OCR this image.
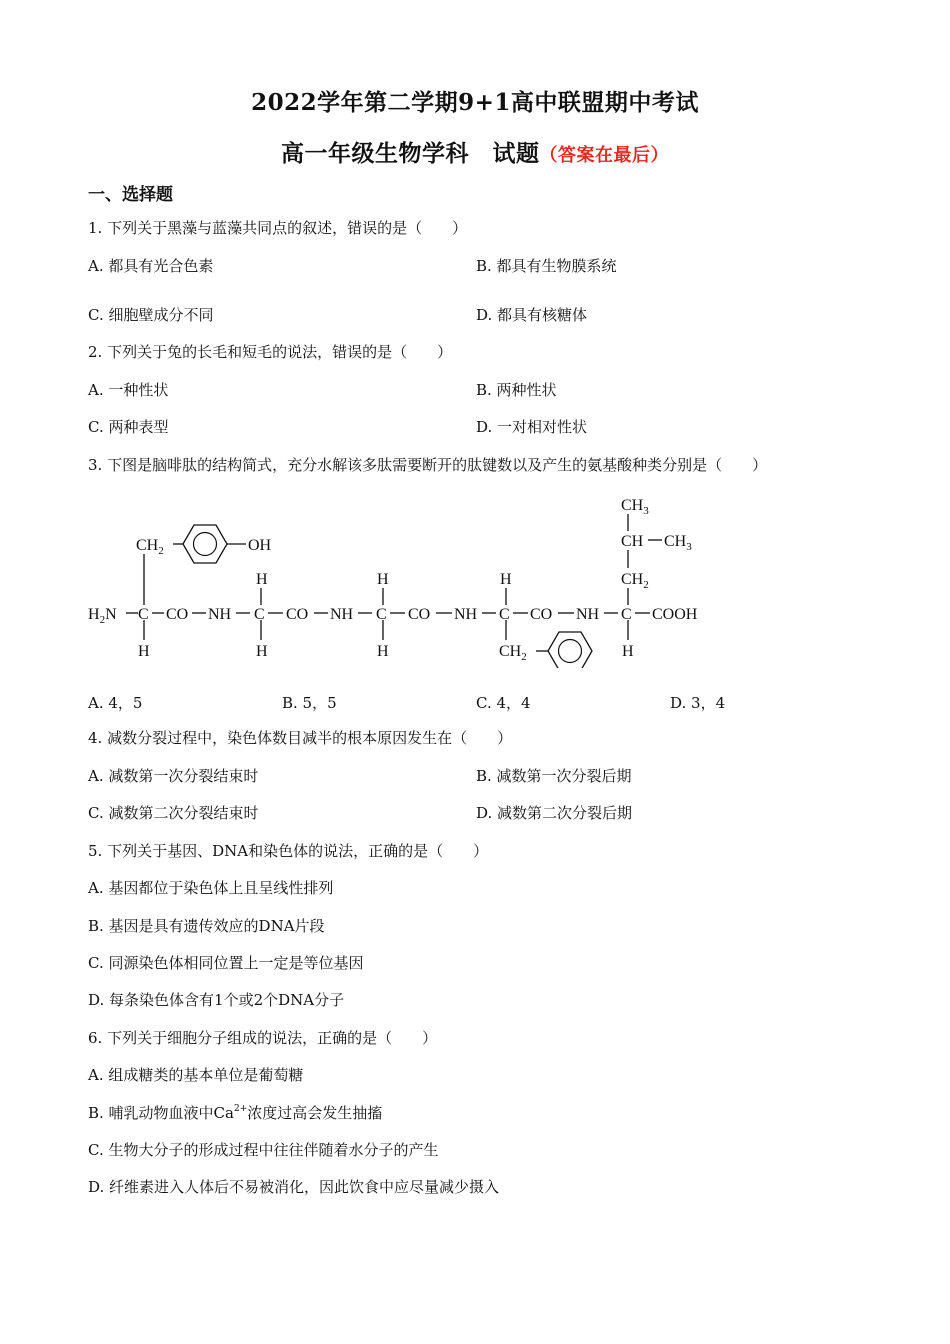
2022学年第二学期9+1高中联盟期中考试
高一年级生物学科　试题（答案在最后）
一、选择题
1. 下列关于黑藻与蓝藻共同点的叙述，错误的是（　　）
A. 都具有光合色素	B. 都具有生物膜系统
C. 细胞壁成分不同	D. 都具有核糖体
2. 下列关于兔的长毛和短毛的说法，错误的是（　　）
A. 一种性状	B. 两种性状
C. 两种表型	D. 一对相对性状
3. 下图是脑啡肽的结构简式，充分水解该多肽需要断开的肽键数以及产生的氨基酸种类分别是（　　）
$CH_2$	OH
$H_2N$ C CO NH C CO NH C CO NH C CO NH C COOH
H
H
H
H
H
H
$CH_2$
$CH_3$
CH $CH_3$
$CH_2$
H
A. 4，5	B. 5，5	C. 4，4	D. 3，4
4. 减数分裂过程中，染色体数目减半的根本原因发生在（　　）
A. 减数第一次分裂结束时	B. 减数第一次分裂后期
C. 减数第二次分裂结束时	D. 减数第二次分裂后期
5. 下列关于基因、DNA和染色体的说法，正确的是（　　）
A. 基因都位于染色体上且呈线性排列
B. 基因是具有遗传效应的DNA片段
C. 同源染色体相同位置上一定是等位基因
D. 每条染色体含有1个或2个DNA分子
6. 下列关于细胞分子组成的说法，正确的是（　　）
A. 组成糖类的基本单位是葡萄糖
B. 哺乳动物血液中$Ca^{2+}$浓度过高会发生抽搐
C. 生物大分子的形成过程中往往伴随着水分子的产生
D. 纤维素进入人体后不易被消化，因此饮食中应尽量减少摄入
